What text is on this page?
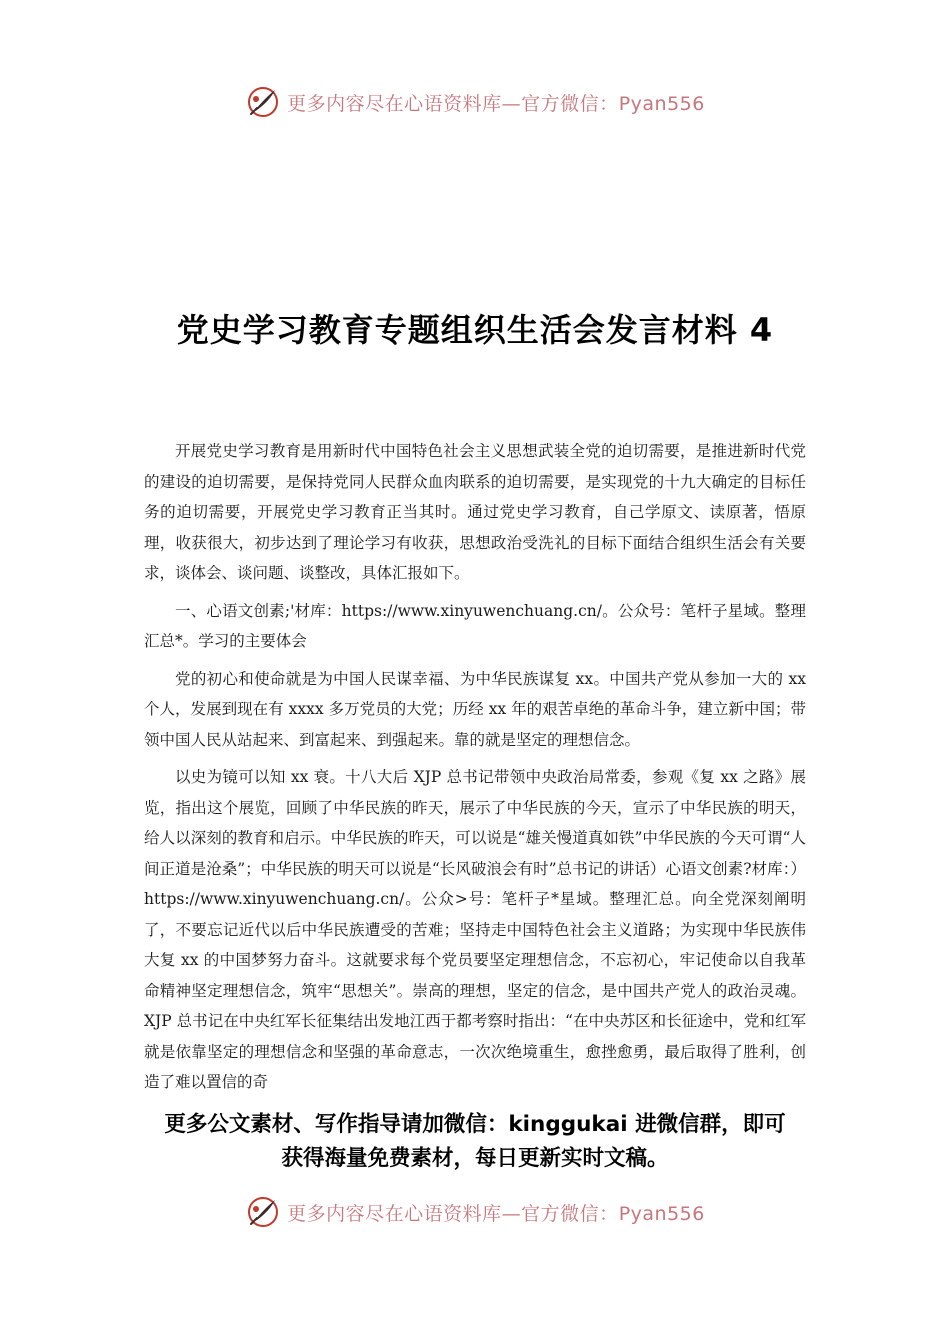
更多内容尽在心语资料库—官方微信：Pyan556
党史学习教育专题组织生活会发言材料 4

开展党史学习教育是用新时代中国特色社会主义思想武装全党的迫切需要，是推进新时代党的建设的迫切需要，是保持党同人民群众血肉联系的迫切需要，是实现党的十九大确定的目标任务的迫切需要，开展党史学习教育正当其时。通过党史学习教育，自己学原文、读原著，悟原理，收获很大，初步达到了理论学习有收获，思想政治受洗礼的目标下面结合组织生活会有关要求，谈体会、谈问题、谈整改，具体汇报如下。

一、心语文创素;'材库：https://www.xinyuwenchuang.cn/。公众号：笔杆子星域。整理汇总*。学习的主要体会

党的初心和使命就是为中国人民谋幸福、为中华民族谋复 xx。中国共产党从参加一大的 xx 个人，发展到现在有 xxxx 多万党员的大党；历经 xx 年的艰苦卓绝的革命斗争，建立新中国；带领中国人民从站起来、到富起来、到强起来。靠的就是坚定的理想信念。

以史为镜可以知 xx 衰。十八大后 XJP 总书记带领中央政治局常委，参观《复 xx 之路》展览，指出这个展览，回顾了中华民族的昨天，展示了中华民族的今天，宣示了中华民族的明天，给人以深刻的教育和启示。中华民族的昨天，可以说是“雄关慢道真如铁”中华民族的今天可谓“人间正道是沧桑”；中华民族的明天可以说是“长风破浪会有时”总书记的讲话）心语文创素?材库：）https://www.xinyuwenchuang.cn/。公众>号：笔杆子*星域。整理汇总。向全党深刻阐明了，不要忘记近代以后中华民族遭受的苦难；坚持走中国特色社会主义道路；为实现中华民族伟大复 xx 的中国梦努力奋斗。这就要求每个党员要坚定理想信念，不忘初心，牢记使命以自我革命精神坚定理想信念，筑牢“思想关”。崇高的理想，坚定的信念，是中国共产党人的政治灵魂。XJP 总书记在中央红军长征集结出发地江西于都考察时指出：“在中央苏区和长征途中，党和红军就是依靠坚定的理想信念和坚强的革命意志，一次次绝境重生，愈挫愈勇，最后取得了胜利，创造了难以置信的奇

更多公文素材、写作指导请加微信：kinggukai 进微信群，即可
获得海量免费素材，每日更新实时文稿。
更多内容尽在心语资料库—官方微信：Pyan556
